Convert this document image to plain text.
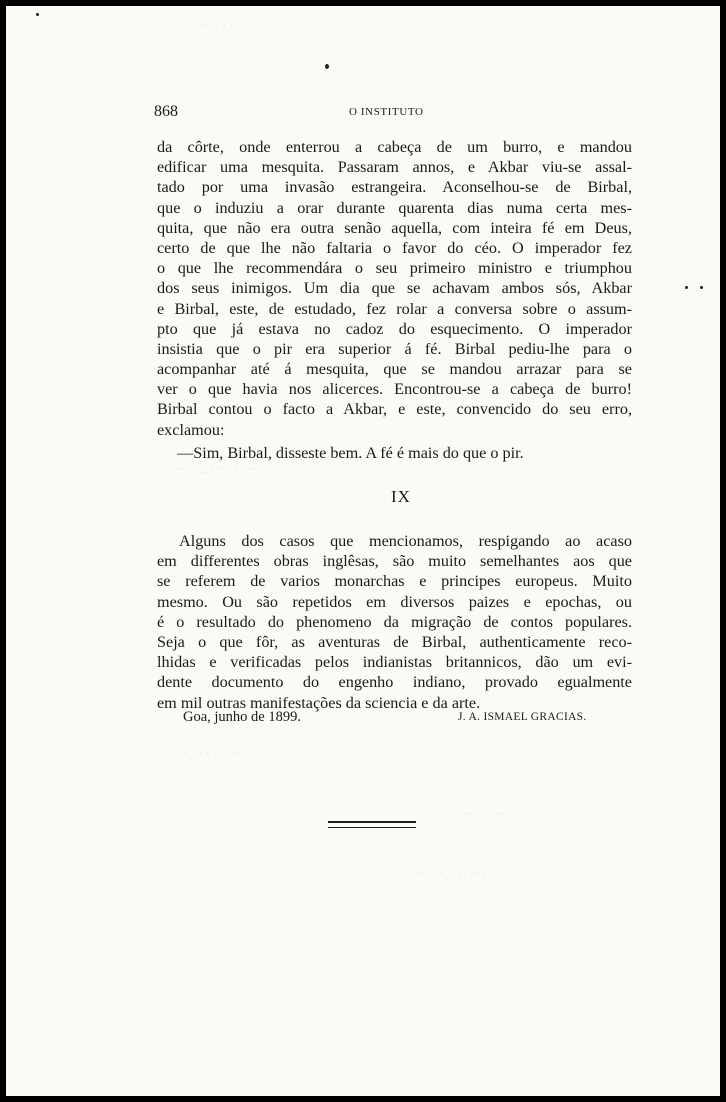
.·· ·. · ·
·· · ·.. · ··· · · ·· ·
·· ·. ·· · · · ··· · ··
· ·· ·· · ·· ·
··· · ·. · ·· ·· ·
868	O INSTITUTO
da côrte, onde enterrou a cabeça de um burro, e mandou
edificar uma mesquita. Passaram annos, e Akbar viu-se assal-
tado por uma invasão estrangeira. Aconselhou-se de Birbal,
que o induziu a orar durante quarenta dias numa certa mes-
quita, que não era outra senão aquella, com inteira fé em Deus,
certo de que lhe não faltaria o favor do céo. O imperador fez
o que lhe recommendára o seu primeiro ministro e triumphou
dos seus inimigos. Um dia que se achavam ambos sós, Akbar
e Birbal, este, de estudado, fez rolar a conversa sobre o assum-
pto que já estava no cadoz do esquecimento. O imperador
insistia que o pir era superior á fé. Birbal pediu-lhe para o
acompanhar até á mesquita, que se mandou arrazar para se
ver o que havia nos alicerces. Encontrou-se a cabeça de burro!
Birbal contou o facto a Akbar, e este, convencido do seu erro,
exclamou:
—Sim, Birbal, disseste bem. A fé é mais do que o pir.
IX
Alguns dos casos que mencionamos, respigando ao acaso
em differentes obras inglêsas, são muito semelhantes aos que
se referem de varios monarchas e principes europeus. Muito
mesmo. Ou são repetidos em diversos paizes e epochas, ou
é o resultado do phenomeno da migração de contos populares.
Seja o que fôr, as aventuras de Birbal, authenticamente reco-
lhidas e verificadas pelos indianistas britannicos, dão um evi-
dente documento do engenho indiano, provado egualmente
em mil outras manifestações da sciencia e da arte.
Goa, junho de 1899.	J. A. ISMAEL GRACIAS.
